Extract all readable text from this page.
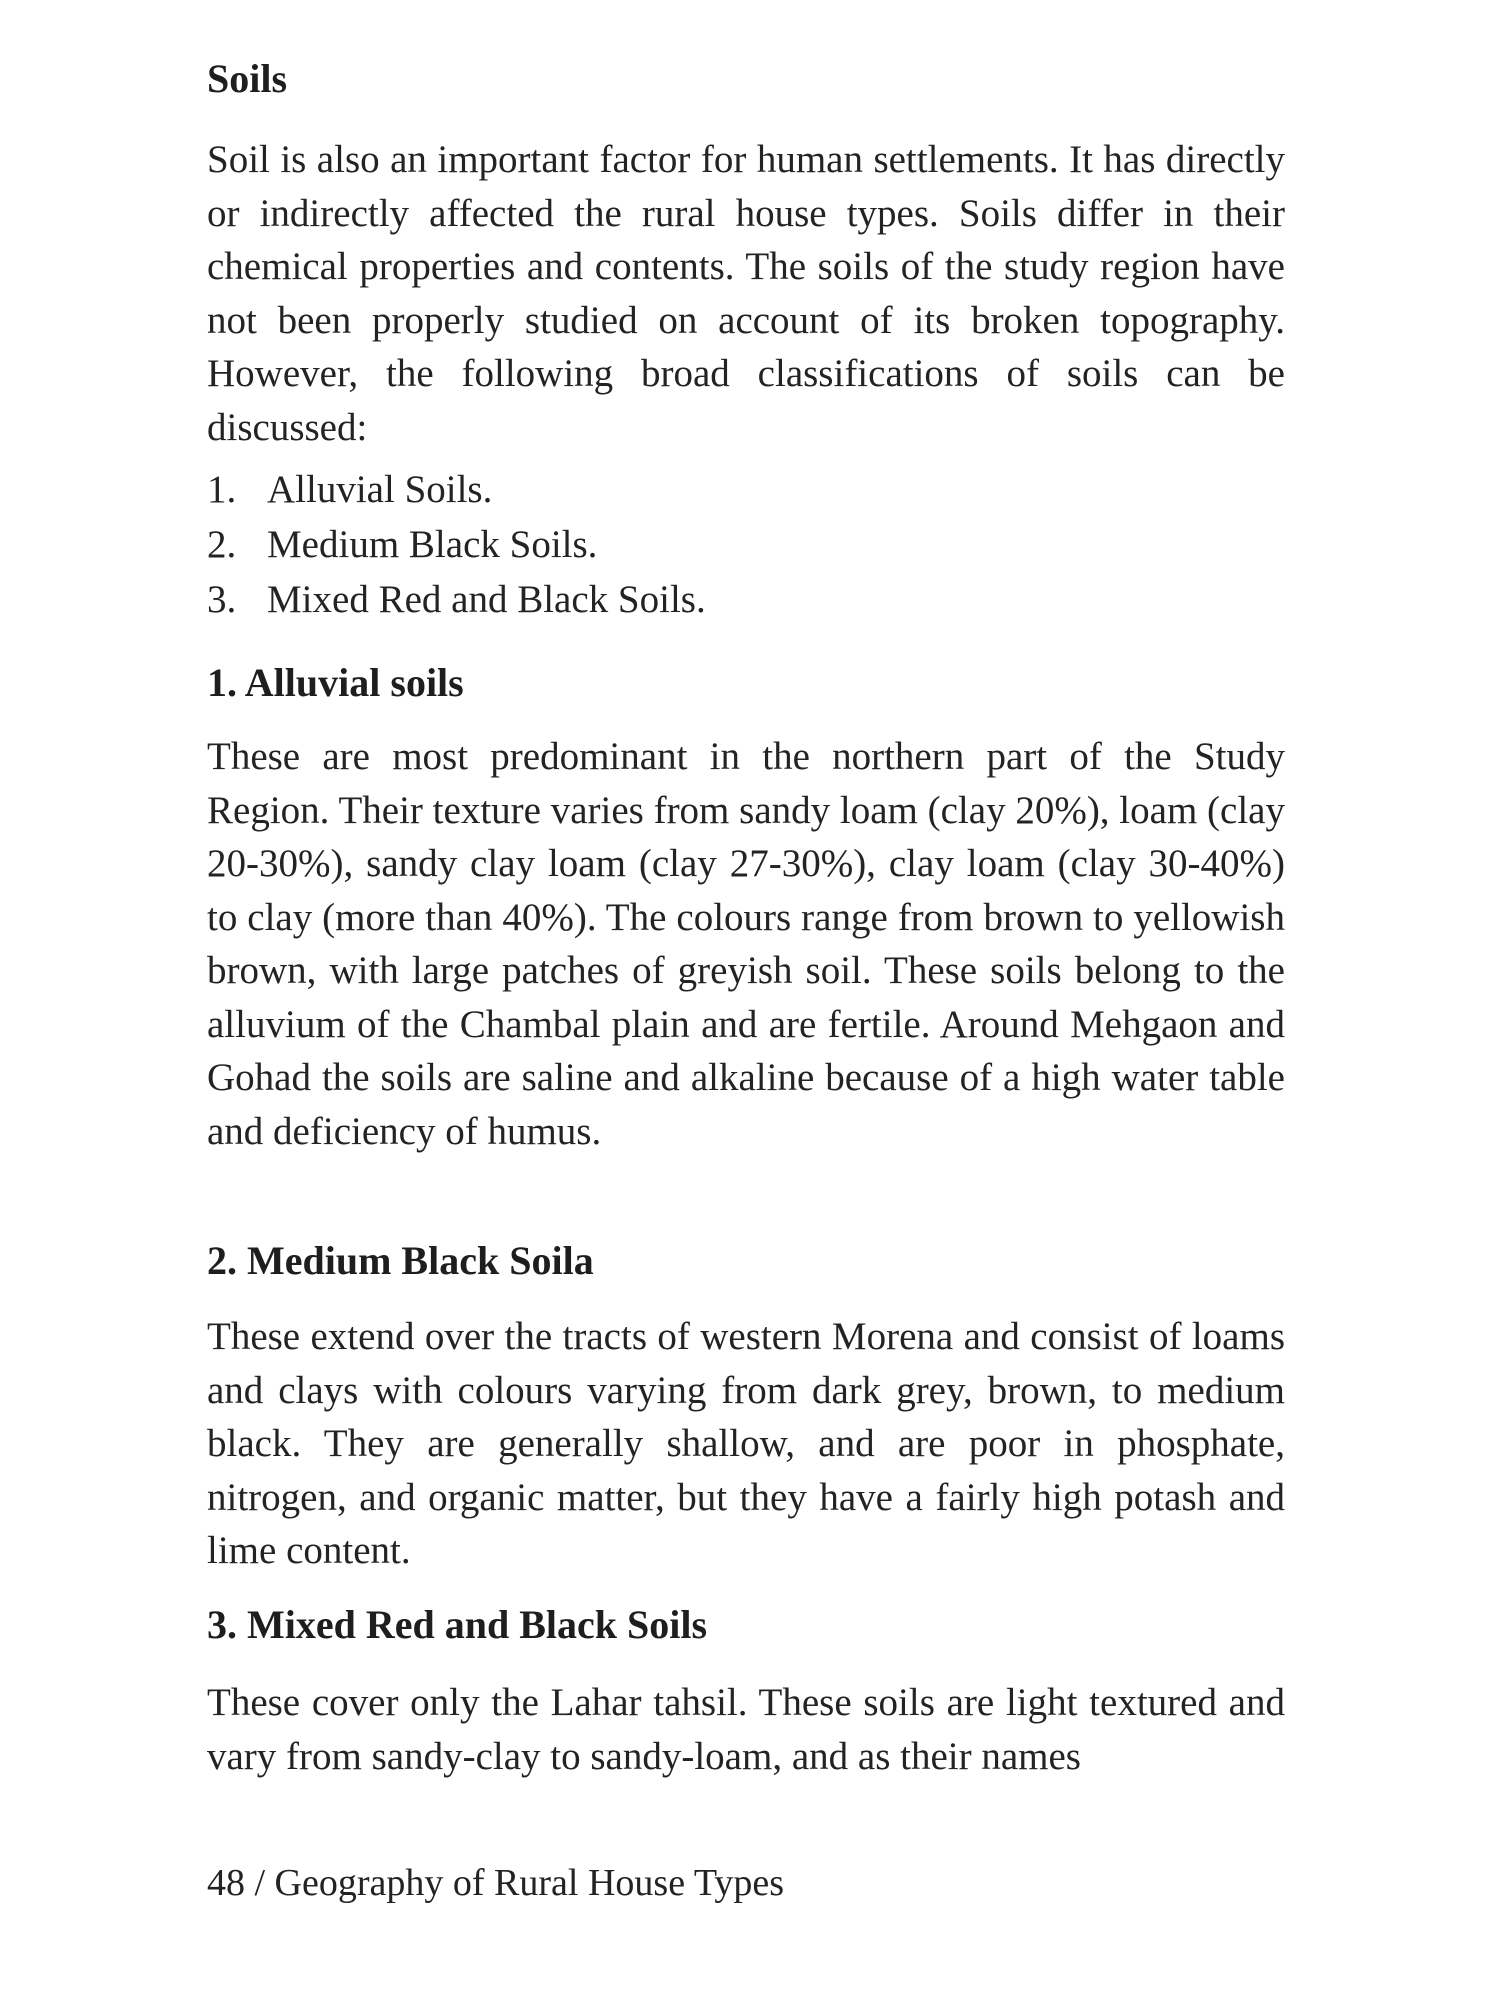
Soils

Soil is also an important factor for human settlements. It has directly or indirectly affected the rural house types. Soils differ in their chemical properties and contents. The soils of the study region have not been properly studied on account of its broken topography. However, the following broad classifications of soils can be discussed:

1. Alluvial Soils.
2. Medium Black Soils.
3. Mixed Red and Black Soils.
1. Alluvial soils

These are most predominant in the northern part of the Study Region. Their texture varies from sandy loam (clay 20%), loam (clay 20-30%), sandy clay loam (clay 27-30%), clay loam (clay 30-40%) to clay (more than 40%). The colours range from brown to yellowish brown, with large patches of greyish soil. These soils belong to the alluvium of the Chambal plain and are fertile. Around Mehgaon and Gohad the soils are saline and alkaline because of a high water table and deficiency of humus.

2. Medium Black Soila

These extend over the tracts of western Morena and consist of loams and clays with colours varying from dark grey, brown, to medium black. They are generally shallow, and are poor in phosphate, nitrogen, and organic matter, but they have a fairly high potash and lime content.

3. Mixed Red and Black Soils

These cover only the Lahar tahsil. These soils are light textured and vary from sandy-clay to sandy-loam, and as their names

48 / Geography of Rural House Types
